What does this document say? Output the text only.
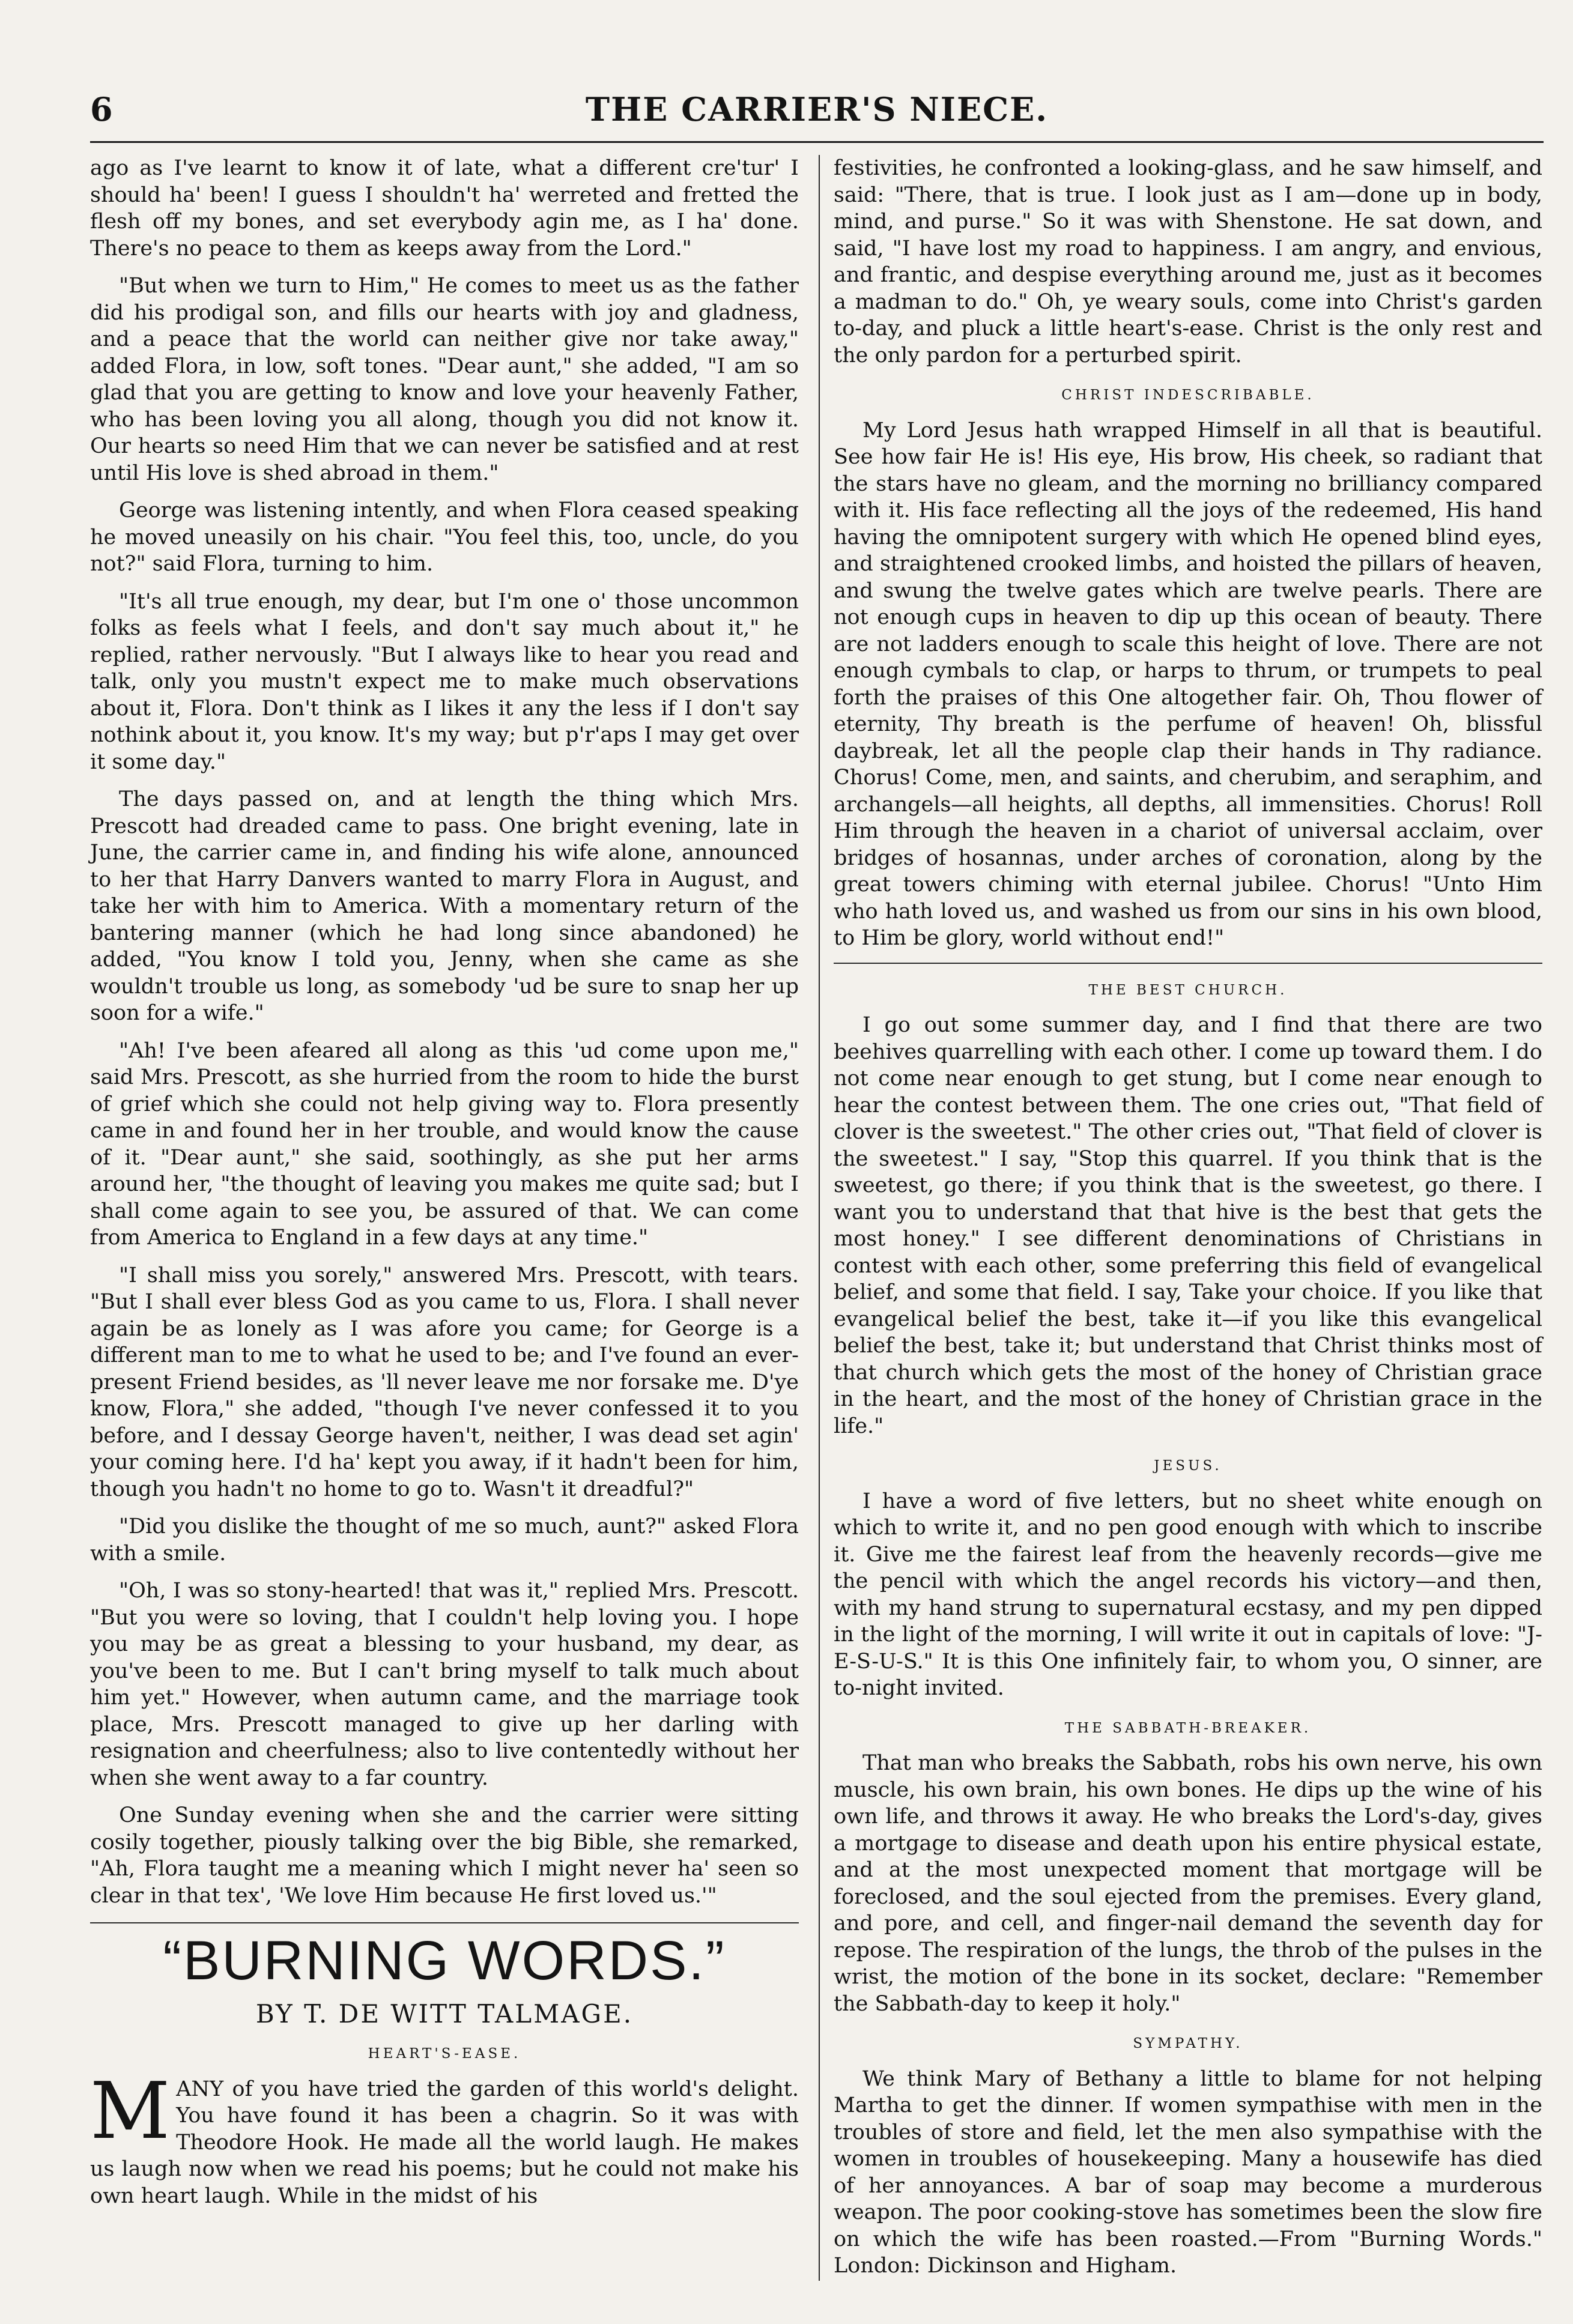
6	THE CARRIER'S NIECE.

ago as I've learnt to know it of late, what a different cre'tur' I should ha' been! I guess I shouldn't ha' werreted and fretted the flesh off my bones, and set everybody agin me, as I ha' done. There's no peace to them as keeps away from the Lord."

"But when we turn to Him," He comes to meet us as the father did his prodigal son, and fills our hearts with joy and gladness, and a peace that the world can neither give nor take away," added Flora, in low, soft tones. "Dear aunt," she added, "I am so glad that you are getting to know and love your heavenly Father, who has been loving you all along, though you did not know it. Our hearts so need Him that we can never be satisfied and at rest until His love is shed abroad in them."

George was listening intently, and when Flora ceased speaking he moved uneasily on his chair. "You feel this, too, uncle, do you not?" said Flora, turning to him.

"It's all true enough, my dear, but I'm one o' those uncommon folks as feels what I feels, and don't say much about it," he replied, rather nervously. "But I always like to hear you read and talk, only you mustn't expect me to make much observations about it, Flora. Don't think as I likes it any the less if I don't say nothink about it, you know. It's my way; but p'r'aps I may get over it some day."

The days passed on, and at length the thing which Mrs. Prescott had dreaded came to pass. One bright evening, late in June, the carrier came in, and finding his wife alone, announced to her that Harry Danvers wanted to marry Flora in August, and take her with him to America. With a momentary return of the bantering manner (which he had long since abandoned) he added, "You know I told you, Jenny, when she came as she wouldn't trouble us long, as somebody 'ud be sure to snap her up soon for a wife."

"Ah! I've been afeared all along as this 'ud come upon me," said Mrs. Prescott, as she hurried from the room to hide the burst of grief which she could not help giving way to. Flora presently came in and found her in her trouble, and would know the cause of it. "Dear aunt," she said, soothingly, as she put her arms around her, "the thought of leaving you makes me quite sad; but I shall come again to see you, be assured of that. We can come from America to England in a few days at any time."

"I shall miss you sorely," answered Mrs. Prescott, with tears. "But I shall ever bless God as you came to us, Flora. I shall never again be as lonely as I was afore you came; for George is a different man to me to what he used to be; and I've found an ever-present Friend besides, as 'll never leave me nor forsake me. D'ye know, Flora," she added, "though I've never confessed it to you before, and I dessay George haven't, neither, I was dead set agin' your coming here. I'd ha' kept you away, if it hadn't been for him, though you hadn't no home to go to. Wasn't it dreadful?"

"Did you dislike the thought of me so much, aunt?" asked Flora with a smile.

"Oh, I was so stony-hearted! that was it," replied Mrs. Prescott. "But you were so loving, that I couldn't help loving you. I hope you may be as great a blessing to your husband, my dear, as you've been to me. But I can't bring myself to talk much about him yet." However, when autumn came, and the marriage took place, Mrs. Prescott managed to give up her darling with resignation and cheerfulness; also to live contentedly without her when she went away to a far country.

One Sunday evening when she and the carrier were sitting cosily together, piously talking over the big Bible, she remarked, "Ah, Flora taught me a meaning which I might never ha' seen so clear in that tex', 'We love Him because He first loved us.'"

“BURNING WORDS.”
BY T. DE WITT TALMAGE.
HEART'S-EASE.

MANY of you have tried the garden of this world's delight. You have found it has been a chagrin. So it was with Theodore Hook. He made all the world laugh. He makes us laugh now when we read his poems; but he could not make his own heart laugh. While in the midst of his

festivities, he confronted a looking-glass, and he saw himself, and said: "There, that is true. I look just as I am—done up in body, mind, and purse." So it was with Shenstone. He sat down, and said, "I have lost my road to happiness. I am angry, and envious, and frantic, and despise everything around me, just as it becomes a madman to do." Oh, ye weary souls, come into Christ's garden to-day, and pluck a little heart's-ease. Christ is the only rest and the only pardon for a perturbed spirit.

CHRIST INDESCRIBABLE.

My Lord Jesus hath wrapped Himself in all that is beautiful. See how fair He is! His eye, His brow, His cheek, so radiant that the stars have no gleam, and the morning no brilliancy compared with it. His face reflecting all the joys of the redeemed, His hand having the omnipotent surgery with which He opened blind eyes, and straightened crooked limbs, and hoisted the pillars of heaven, and swung the twelve gates which are twelve pearls. There are not enough cups in heaven to dip up this ocean of beauty. There are not ladders enough to scale this height of love. There are not enough cymbals to clap, or harps to thrum, or trumpets to peal forth the praises of this One altogether fair. Oh, Thou flower of eternity, Thy breath is the perfume of heaven! Oh, blissful daybreak, let all the people clap their hands in Thy radiance. Chorus! Come, men, and saints, and cherubim, and seraphim, and archangels—all heights, all depths, all immensities. Chorus! Roll Him through the heaven in a chariot of universal acclaim, over bridges of hosannas, under arches of coronation, along by the great towers chiming with eternal jubilee. Chorus! "Unto Him who hath loved us, and washed us from our sins in his own blood, to Him be glory, world without end!"

THE BEST CHURCH.

I go out some summer day, and I find that there are two beehives quarrelling with each other. I come up toward them. I do not come near enough to get stung, but I come near enough to hear the contest between them. The one cries out, "That field of clover is the sweetest." The other cries out, "That field of clover is the sweetest." I say, "Stop this quarrel. If you think that is the sweetest, go there; if you think that is the sweetest, go there. I want you to understand that that hive is the best that gets the most honey." I see different denominations of Christians in contest with each other, some preferring this field of evangelical belief, and some that field. I say, Take your choice. If you like that evangelical belief the best, take it—if you like this evangelical belief the best, take it; but understand that Christ thinks most of that church which gets the most of the honey of Christian grace in the heart, and the most of the honey of Christian grace in the life."

JESUS.

I have a word of five letters, but no sheet white enough on which to write it, and no pen good enough with which to inscribe it. Give me the fairest leaf from the heavenly records—give me the pencil with which the angel records his victory—and then, with my hand strung to supernatural ecstasy, and my pen dipped in the light of the morning, I will write it out in capitals of love: "J-E-S-U-S." It is this One infinitely fair, to whom you, O sinner, are to-night invited.

THE SABBATH-BREAKER.

That man who breaks the Sabbath, robs his own nerve, his own muscle, his own brain, his own bones. He dips up the wine of his own life, and throws it away. He who breaks the Lord's-day, gives a mortgage to disease and death upon his entire physical estate, and at the most unexpected moment that mortgage will be foreclosed, and the soul ejected from the premises. Every gland, and pore, and cell, and finger-nail demand the seventh day for repose. The respiration of the lungs, the throb of the pulses in the wrist, the motion of the bone in its socket, declare: "Remember the Sabbath-day to keep it holy."

SYMPATHY.

We think Mary of Bethany a little to blame for not helping Martha to get the dinner. If women sympathise with men in the troubles of store and field, let the men also sympathise with the women in troubles of housekeeping. Many a housewife has died of her annoyances. A bar of soap may become a murderous weapon. The poor cooking-stove has sometimes been the slow fire on which the wife has been roasted.—From "Burning Words." London: Dickinson and Higham.
